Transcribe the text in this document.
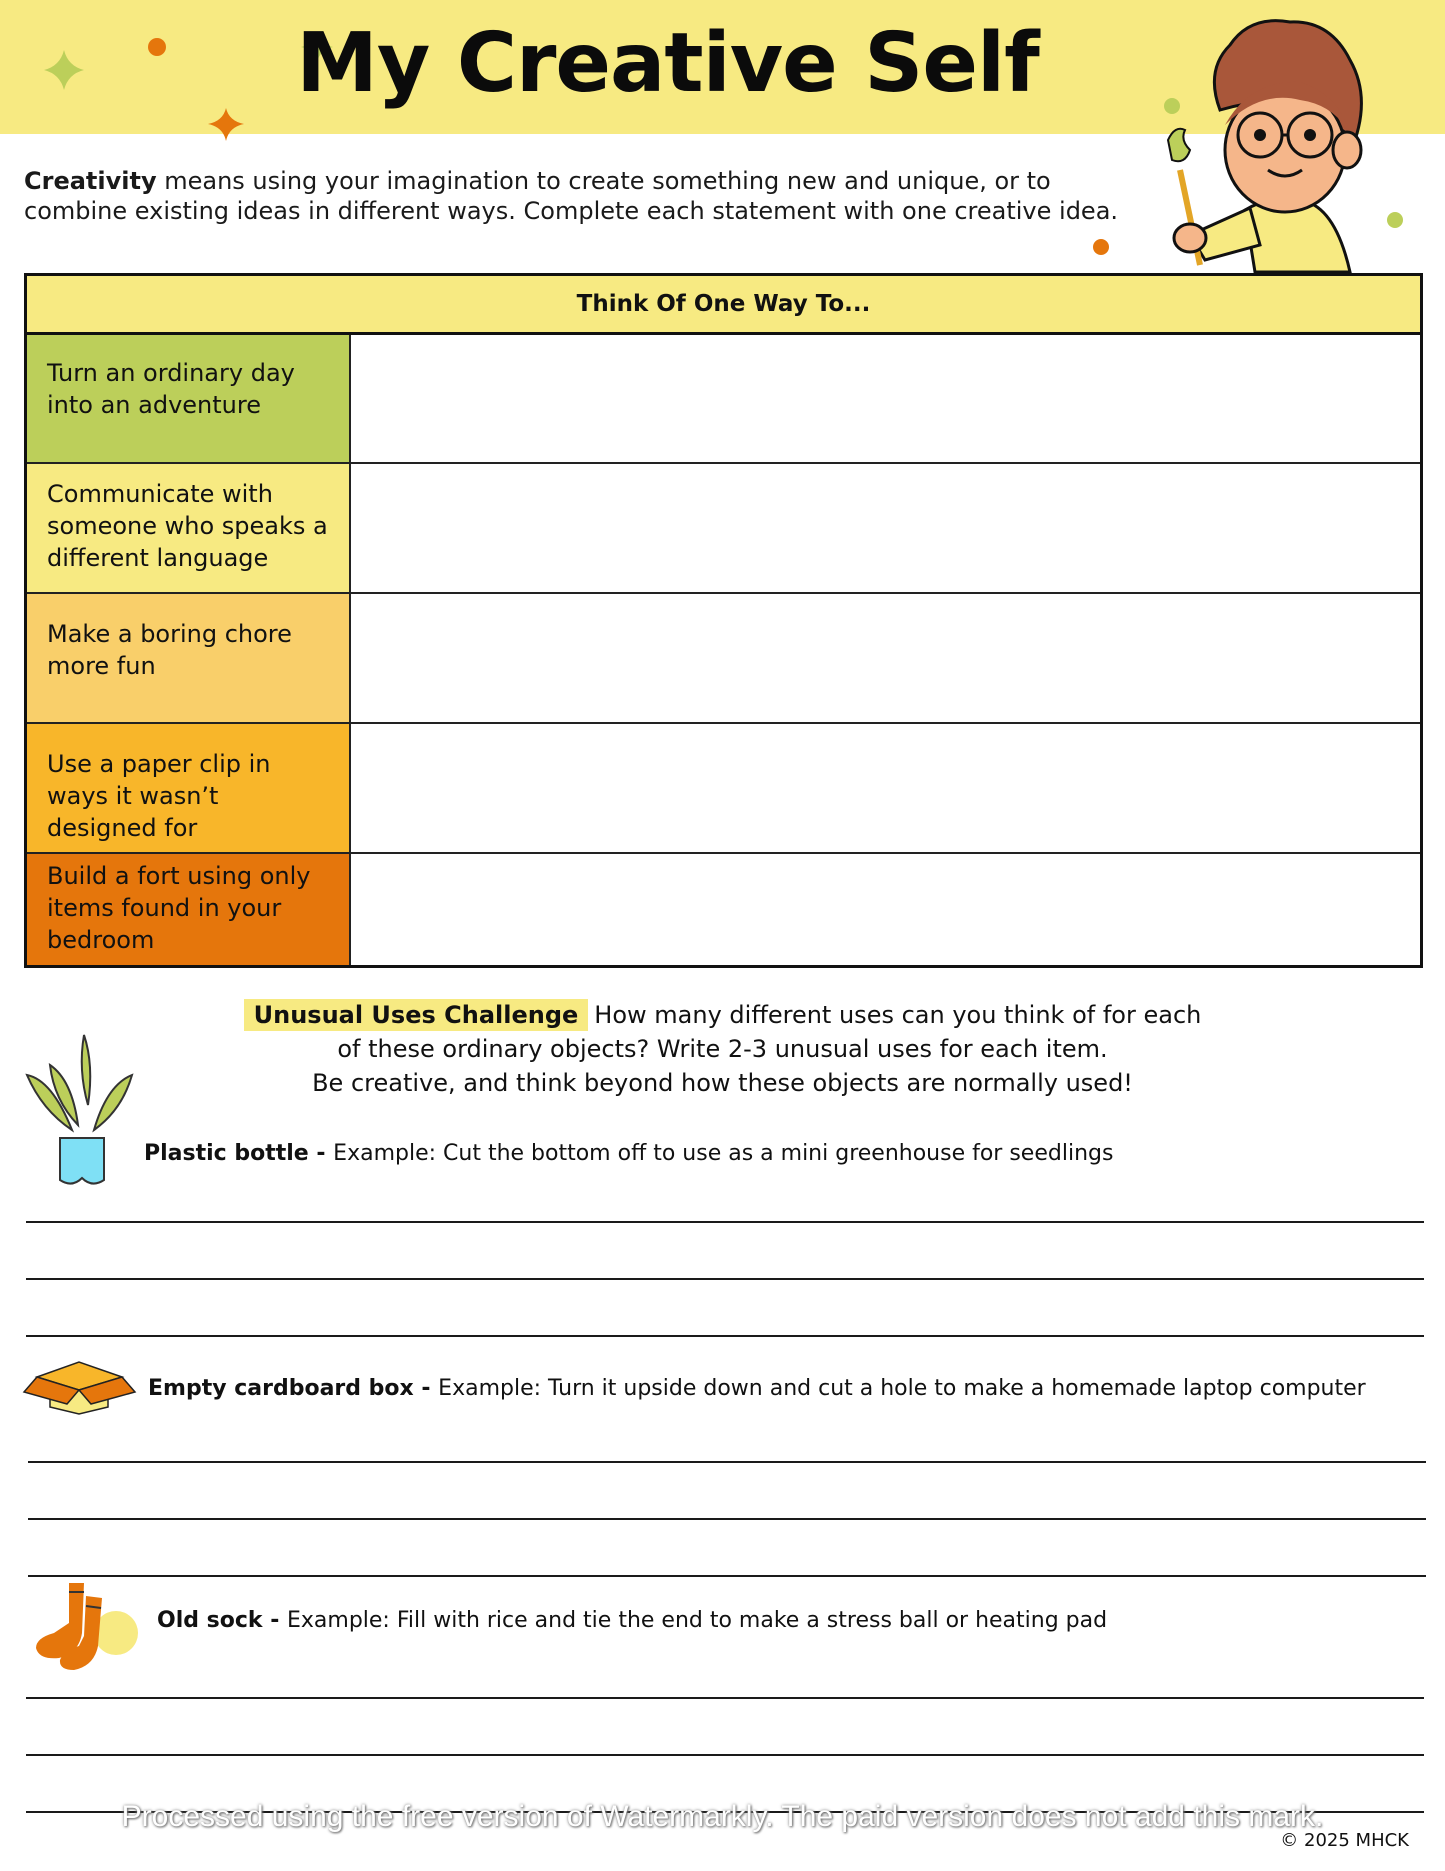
My Creative Self
Creativity means using your imagination to create something new and unique, or to combine existing ideas in different ways. Complete each statement with one creative idea.
Think Of One Way To...
Turn an ordinary day into an adventure
Communicate with someone who speaks a different language
Make a boring chore more fun
Use a paper clip in ways it wasn’t designed for
Build a fort using only items found in your bedroom
Unusual Uses Challenge How many different uses can you think of for each
of these ordinary objects? Write 2-3 unusual uses for each item.
Be creative, and think beyond how these objects are normally used!
Plastic bottle - Example: Cut the bottom off to use as a mini greenhouse for seedlings
Empty cardboard box - Example: Turn it upside down and cut a hole to make a homemade laptop computer
Old sock - Example: Fill with rice and tie the end to make a stress ball or heating pad
Processed using the free version of Watermarkly. The paid version does not add this mark.
© 2025 MHCK
